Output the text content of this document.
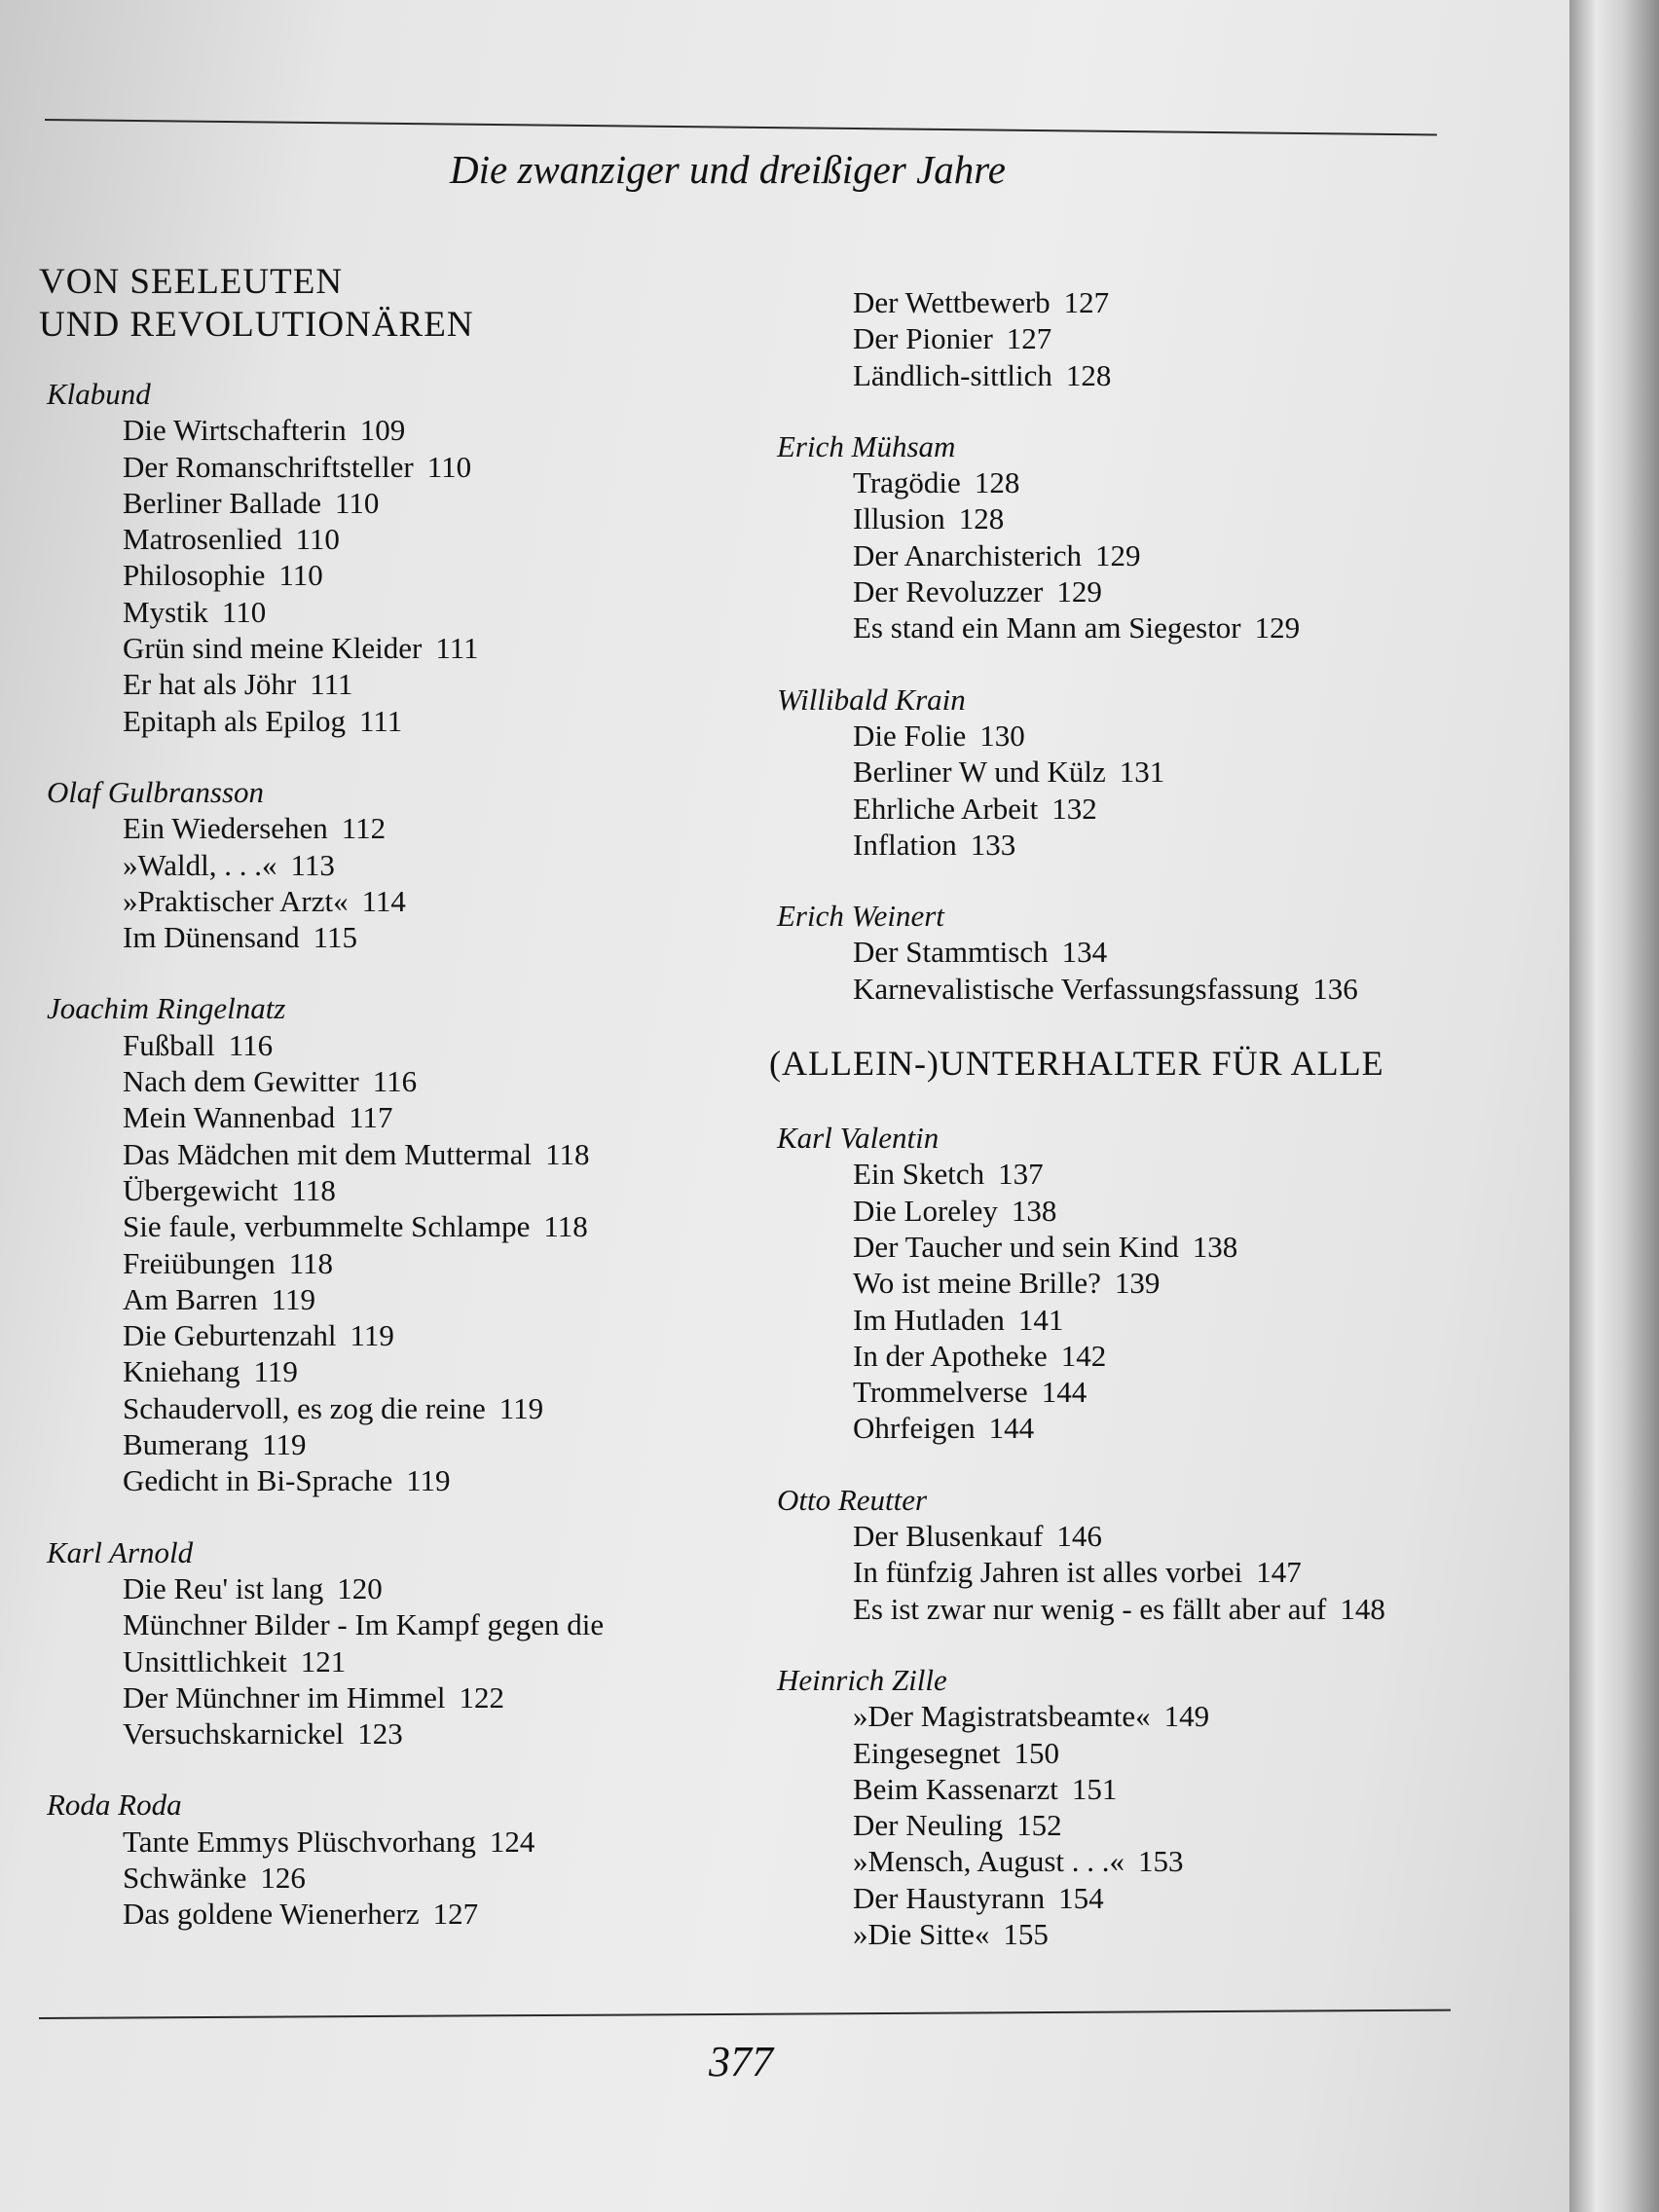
Die zwanziger und dreißiger Jahre
VON SEELEUTEN
UND REVOLUTIONÄREN
Klabund
Die Wirtschafterin 109
Der Romanschriftsteller 110
Berliner Ballade 110
Matrosenlied 110
Philosophie 110
Mystik 110
Grün sind meine Kleider 111
Er hat als Jöhr 111
Epitaph als Epilog 111
Olaf Gulbransson
Ein Wiedersehen 112
»Waldl, . . .« 113
»Praktischer Arzt« 114
Im Dünensand 115
Joachim Ringelnatz
Fußball 116
Nach dem Gewitter 116
Mein Wannenbad 117
Das Mädchen mit dem Muttermal 118
Übergewicht 118
Sie faule, verbummelte Schlampe 118
Freiübungen 118
Am Barren 119
Die Geburtenzahl 119
Kniehang 119
Schaudervoll, es zog die reine 119
Bumerang 119
Gedicht in Bi-Sprache 119
Karl Arnold
Die Reu' ist lang 120
Münchner Bilder - Im Kampf gegen die
Unsittlichkeit 121
Der Münchner im Himmel 122
Versuchskarnickel 123
Roda Roda
Tante Emmys Plüschvorhang 124
Schwänke 126
Das goldene Wienerherz 127
Der Wettbewerb 127
Der Pionier 127
Ländlich-sittlich 128
Erich Mühsam
Tragödie 128
Illusion 128
Der Anarchisterich 129
Der Revoluzzer 129
Es stand ein Mann am Siegestor 129
Willibald Krain
Die Folie 130
Berliner W und Külz 131
Ehrliche Arbeit 132
Inflation 133
Erich Weinert
Der Stammtisch 134
Karnevalistische Verfassungsfassung 136
(ALLEIN-)UNTERHALTER FÜR ALLE
Karl Valentin
Ein Sketch 137
Die Loreley 138
Der Taucher und sein Kind 138
Wo ist meine Brille? 139
Im Hutladen 141
In der Apotheke 142
Trommelverse 144
Ohrfeigen 144
Otto Reutter
Der Blusenkauf 146
In fünfzig Jahren ist alles vorbei 147
Es ist zwar nur wenig - es fällt aber auf 148
Heinrich Zille
»Der Magistratsbeamte« 149
Eingesegnet 150
Beim Kassenarzt 151
Der Neuling 152
»Mensch, August . . .« 153
Der Haustyrann 154
»Die Sitte« 155
377
